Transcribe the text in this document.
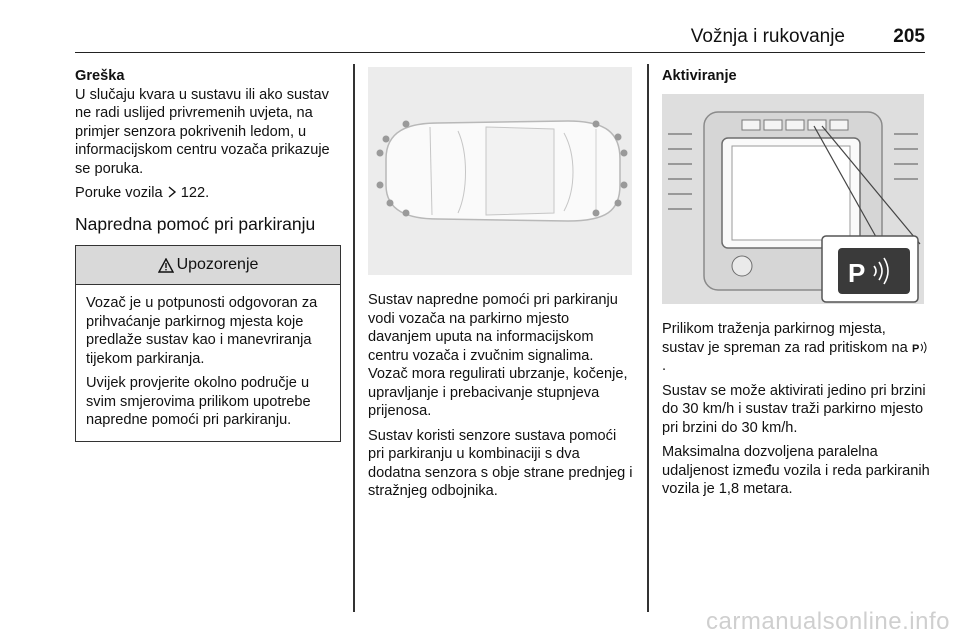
Vožnja i rukovanje	205

Greška

U slučaju kvara u sustavu ili ako sustav ne radi uslijed privremenih uvjeta, na primjer senzora pokrivenih ledom, u informacijskom centru vozača prikazuje se poruka.

Poruke vozila  122.

Napredna pomoć pri parkiranju

Upozorenje

Vozač je u potpunosti odgovoran za prihvaćanje parkirnog mjesta koje predlaže sustav kao i manevriranja tijekom parkiranja.

Uvijek provjerite okolno područje u svim smjerovima prilikom upotrebe napredne pomoći pri parkiranju.

Sustav napredne pomoći pri parkiranju vodi vozača na parkirno mjesto davanjem uputa na informacijskom centru vozača i zvučnim signalima. Vozač mora regulirati ubrzanje, kočenje, upravljanje i prebacivanje stupnjeva prijenosa.

Sustav koristi senzore sustava pomoći pri parkiranju u kombinaciji s dva dodatna senzora s obje strane prednjeg i stražnjeg odbojnika.

Aktiviranje

P

Prilikom traženja parkirnog mjesta, sustav je spreman za rad pritiskom na P
.

Sustav se može aktivirati jedino pri brzini do 30 km/h i sustav traži parkirno mjesto pri brzini do 30 km/h.

Maksimalna dozvoljena paralelna udaljenost između vozila i reda parkiranih vozila je 1,8 metara.

carmanualsonline.info
